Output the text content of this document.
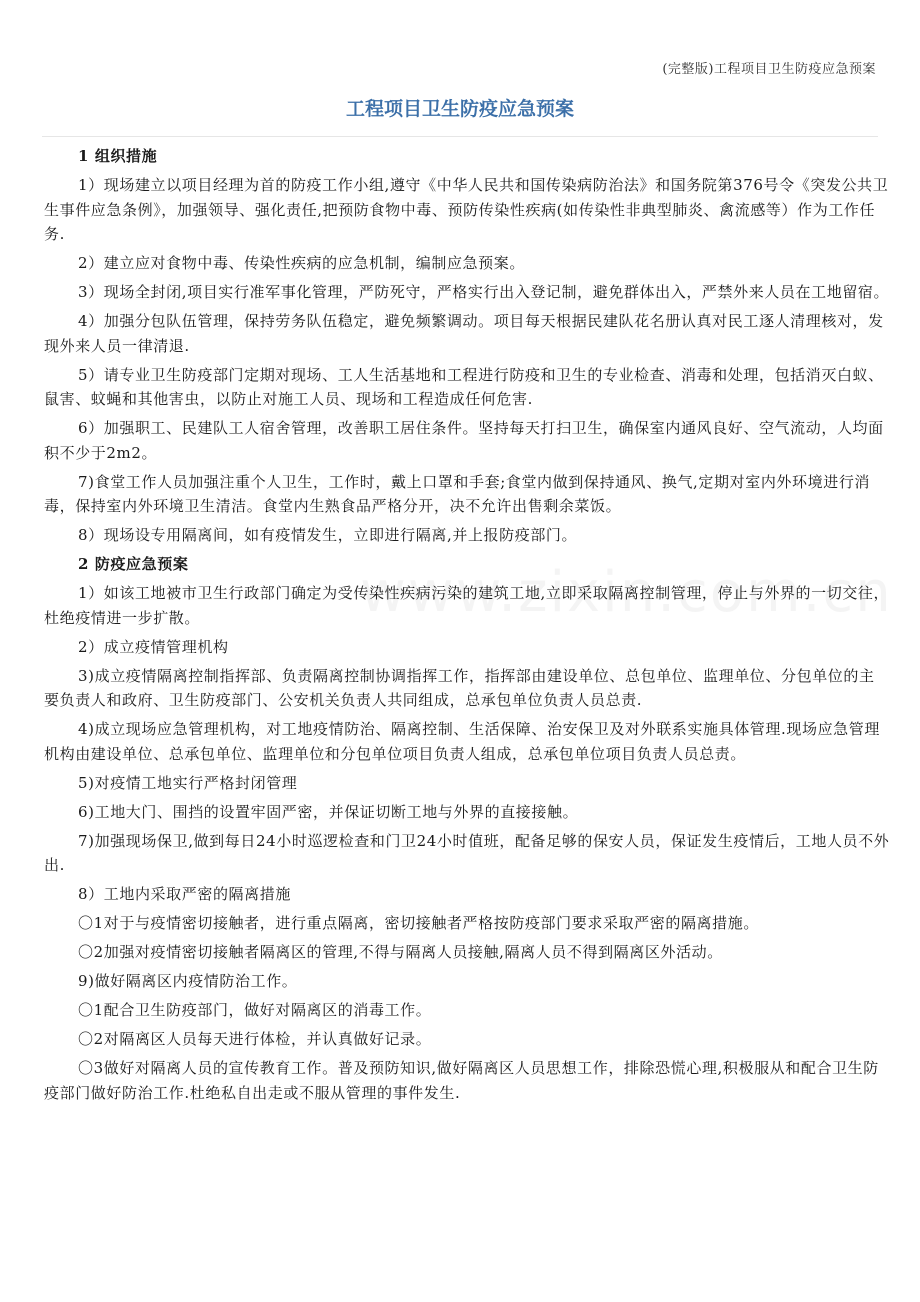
(完整版)工程项目卫生防疫应急预案
工程项目卫生防疫应急预案

1 组织措施

1）现场建立以项目经理为首的防疫工作小组,遵守《中华人民共和国传染病防治法》和国务院第376号令《突发公共卫生事件应急条例》，加强领导、强化责任,把预防食物中毒、预防传染性疾病(如传染性非典型肺炎、禽流感等）作为工作任务.

2）建立应对食物中毒、传染性疾病的应急机制，编制应急预案。

3）现场全封闭,项目实行准军事化管理，严防死守，严格实行出入登记制，避免群体出入，严禁外来人员在工地留宿。

4）加强分包队伍管理，保持劳务队伍稳定，避免频繁调动。项目每天根据民建队花名册认真对民工逐人清理核对，发现外来人员一律清退.

5）请专业卫生防疫部门定期对现场、工人生活基地和工程进行防疫和卫生的专业检查、消毒和处理，包括消灭白蚁、鼠害、蚊蝇和其他害虫，以防止对施工人员、现场和工程造成任何危害.

6）加强职工、民建队工人宿舍管理，改善职工居住条件。坚持每天打扫卫生，确保室内通风良好、空气流动，人均面积不少于2m2。

7)食堂工作人员加强注重个人卫生，工作时，戴上口罩和手套;食堂内做到保持通风、换气,定期对室内外环境进行消毒，保持室内外环境卫生清洁。食堂内生熟食品严格分开，决不允许出售剩余菜饭。

8）现场设专用隔离间，如有疫情发生，立即进行隔离,并上报防疫部门。

2 防疫应急预案

1）如该工地被市卫生行政部门确定为受传染性疾病污染的建筑工地,立即采取隔离控制管理，停止与外界的一切交往，杜绝疫情进一步扩散。

2）成立疫情管理机构

3)成立疫情隔离控制指挥部、负责隔离控制协调指挥工作，指挥部由建设单位、总包单位、监理单位、分包单位的主要负责人和政府、卫生防疫部门、公安机关负责人共同组成，总承包单位负责人员总责.

4)成立现场应急管理机构，对工地疫情防治、隔离控制、生活保障、治安保卫及对外联系实施具体管理.现场应急管理机构由建设单位、总承包单位、监理单位和分包单位项目负责人组成，总承包单位项目负责人员总责。

5)对疫情工地实行严格封闭管理

6)工地大门、围挡的设置牢固严密，并保证切断工地与外界的直接接触。

7)加强现场保卫,做到每日24小时巡逻检查和门卫24小时值班，配备足够的保安人员，保证发生疫情后，工地人员不外出.

8）工地内采取严密的隔离措施

〇1对于与疫情密切接触者，进行重点隔离，密切接触者严格按防疫部门要求采取严密的隔离措施。

〇2加强对疫情密切接触者隔离区的管理,不得与隔离人员接触,隔离人员不得到隔离区外活动。

9)做好隔离区内疫情防治工作。

〇1配合卫生防疫部门，做好对隔离区的消毒工作。

〇2对隔离区人员每天进行体检，并认真做好记录。

〇3做好对隔离人员的宣传教育工作。普及预防知识,做好隔离区人员思想工作，排除恐慌心理,积极服从和配合卫生防疫部门做好防治工作.杜绝私自出走或不服从管理的事件发生.
